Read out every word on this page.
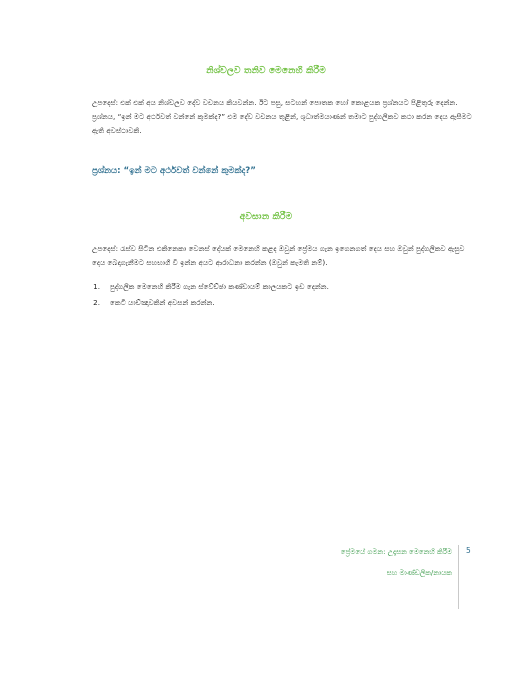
නිශ්චලව තනිව මෙනෙහි කිරීම
උපදෙස්: එක් එක් අය නිශ්චලව දේව වචනය කියවන්න. ඊට පසු, සටහන් පොතක හෝ කොළයක ප්‍රශ්නයට පිළිතුරු දෙන්න. ප්‍රශ්නය, “ඉන් මට අර්ථවත් වන්නේ කුමක්ද?” එම දේව වචනය තුළින්, ශුධාත්මයාණන් තමාට පුද්ගලිකව කථා කරන දෙය ඇසීමට ඇති අවස්ථාවකි.
ප්‍රශ්නය: “ඉන් මට අර්ථවත් වන්නේ කුමක්ද?”
අවසාන කිරීම
උපදෙස්: රැස්ව සිටින එකිනෙකා වෙනස් දේයක් මෙනෙහි කළද ඔවුන් ප්‍රේමය ගැන ඉගෙනගත් දෙය සහ ඔවුන් පුද්ගලිකව ඇසුව දෙය බෙදාගැනීමට සහභාගී වී ඉන්න අයට ආරාධනා කරන්න (ඔවුන් කැමති නම්).
1.	පුද්ගලික මෙනෙහි කිරීම ගැන ස්වේච්ඡා කණ්ඩායම් කාලයකට ඉඩ දෙන්න.
2.	කෙටි යාච්ඤාවකින් අවසන් කරන්න.
ප්‍රේමයේ ගමන: උදෑසන මෙනෙහි කිරීම
සහ මාණ්ඩලික/නායක
5
